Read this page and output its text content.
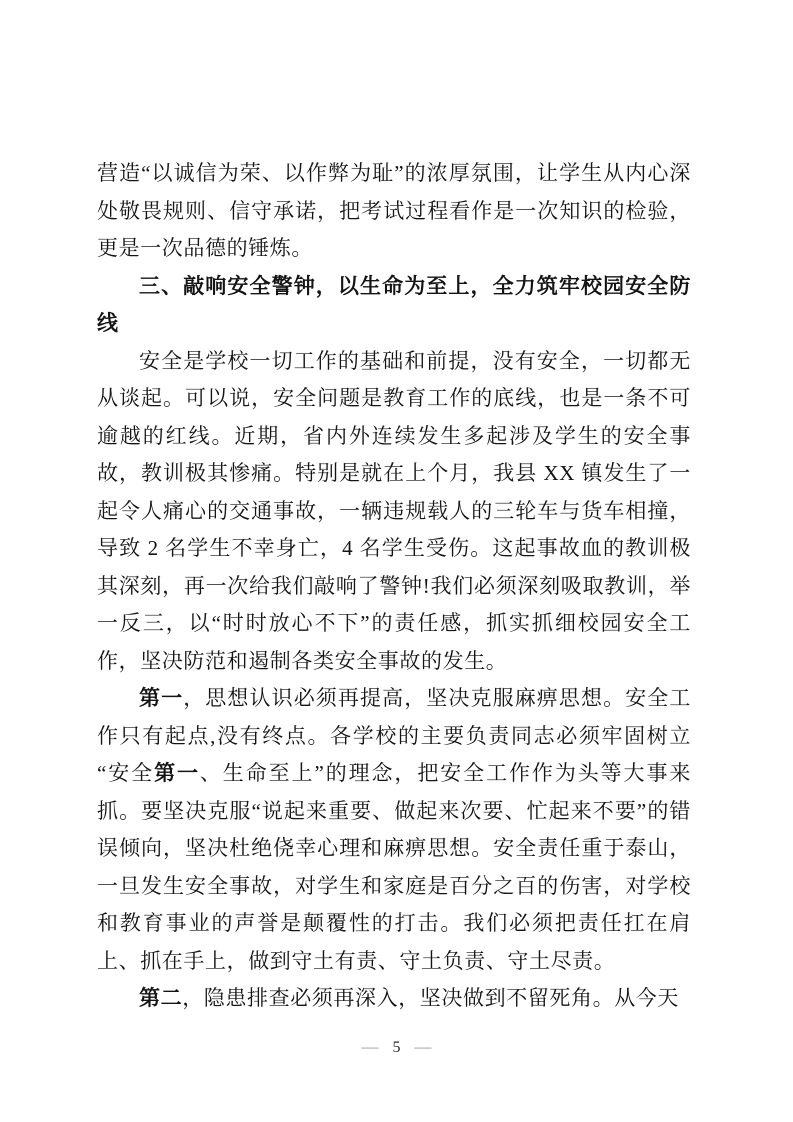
营造“以诚信为荣、以作弊为耻”的浓厚氛围，让学生从内心深处敬畏规则、信守承诺，把考试过程看作是一次知识的检验，更是一次品德的锤炼。

三、敲响安全警钟，以生命为至上，全力筑牢校园安全防线

安全是学校一切工作的基础和前提，没有安全，一切都无从谈起。可以说，安全问题是教育工作的底线，也是一条不可逾越的红线。近期，省内外连续发生多起涉及学生的安全事故，教训极其惨痛。特别是就在上个月，我县 XX 镇发生了一起令人痛心的交通事故，一辆违规载人的三轮车与货车相撞，导致 2 名学生不幸身亡，4 名学生受伤。这起事故血的教训极其深刻，再一次给我们敲响了警钟!我们必须深刻吸取教训，举一反三，以“时时放心不下”的责任感，抓实抓细校园安全工作，坚决防范和遏制各类安全事故的发生。

第一，思想认识必须再提高，坚决克服麻痹思想。安全工作只有起点,没有终点。各学校的主要负责同志必须牢固树立“安全第一、生命至上”的理念，把安全工作作为头等大事来抓。要坚决克服“说起来重要、做起来次要、忙起来不要”的错误倾向，坚决杜绝侥幸心理和麻痹思想。安全责任重于泰山，一旦发生安全事故，对学生和家庭是百分之百的伤害，对学校和教育事业的声誉是颠覆性的打击。我们必须把责任扛在肩上、抓在手上，做到守土有责、守土负责、守土尽责。

第二，隐患排查必须再深入，坚决做到不留死角。从今天

— 5 —
